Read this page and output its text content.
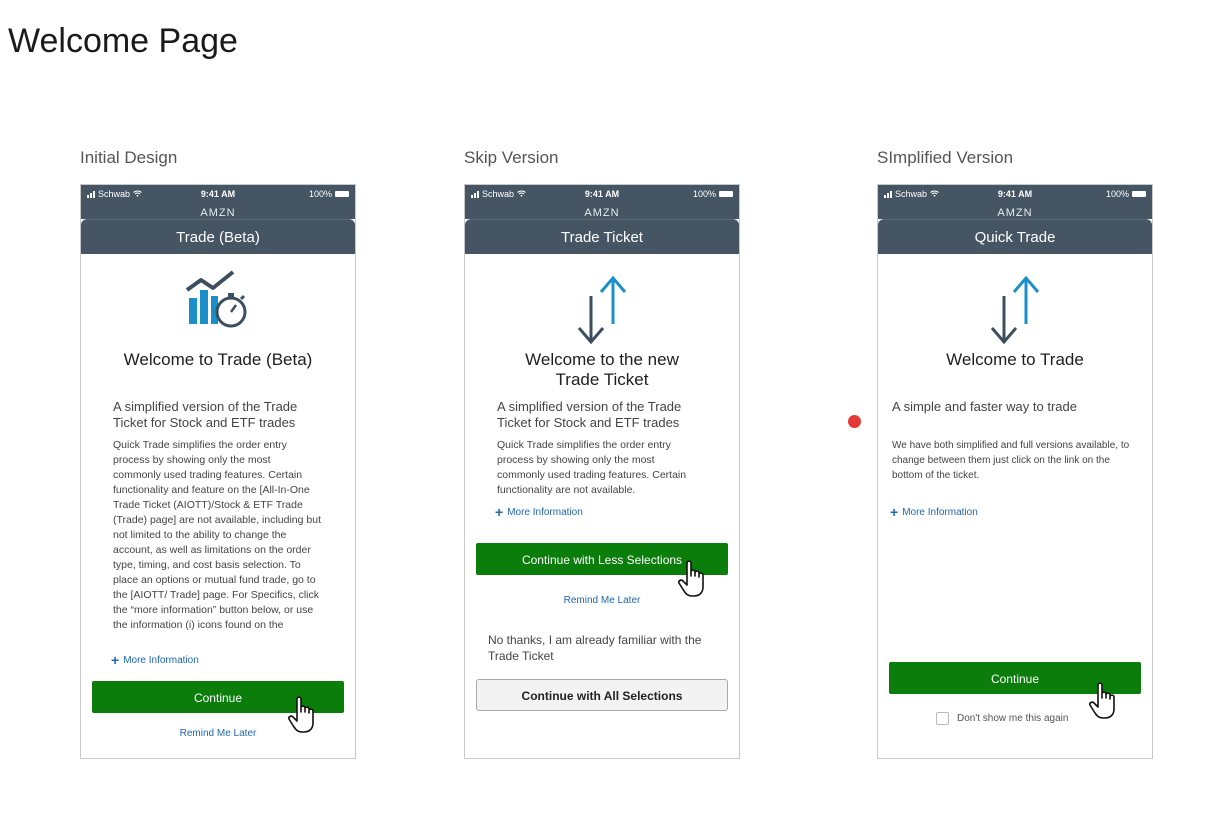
Welcome Page
Initial Design	Skip Version	SImplified Version
Schwab	9:41 AM	100%
AMZN
Trade (Beta)
Welcome to Trade (Beta)
A simplified version of the Trade Ticket for Stock and ETF trades
Quick Trade simplifies the order entry process by showing only the most commonly used trading features. Certain functionality and feature on the [All-In-One Trade Ticket (AIOTT)/Stock & ETF Trade (Trade) page] are not available, including but not limited to the ability to change the account, as well as limitations on the order type, timing, and cost basis selection. To place an options or mutual fund trade, go to the [AIOTT/ Trade] page. For Specifics, click the “more information” button below, or use the information (i) icons found on the
+ More Information
Continue
Remind Me Later
Schwab	9:41 AM	100%
AMZN
Trade Ticket
Welcome to the new
Trade Ticket
A simplified version of the Trade Ticket for Stock and ETF trades
Quick Trade simplifies the order entry process by showing only the most commonly used trading features. Certain functionality are not available.
+ More Information
Continue with Less Selections
Remind Me Later
No thanks, I am already familiar with the Trade Ticket
Continue with All Selections
Schwab	9:41 AM	100%
AMZN
Quick Trade
Welcome to Trade
A simple and faster way to trade
We have both simplified and full versions available, to change between them just click on the link on the bottom of the ticket.
+ More Information
Continue
Don't show me this again
